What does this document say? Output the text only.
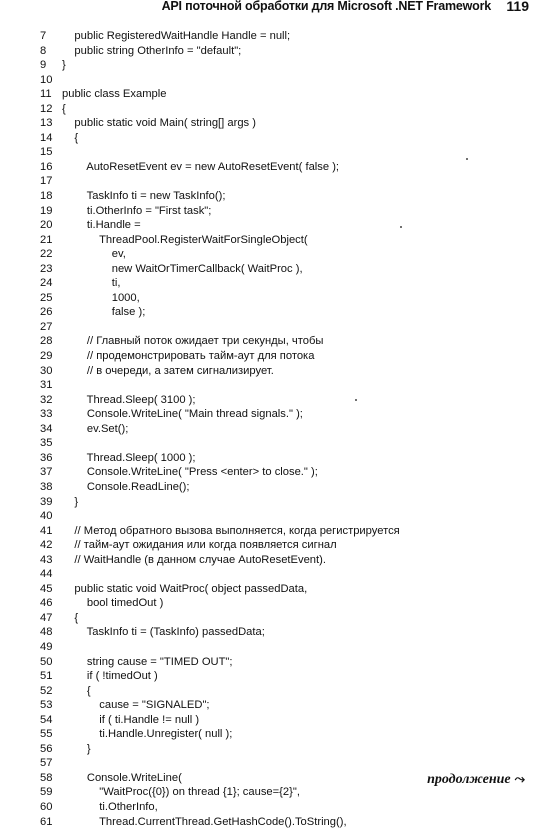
API поточной обработки для Microsoft .NET Framework 119
7	public RegisteredWaitHandle Handle = null;
8	public string OtherInfo = "default";
9	}
10
11 public class Example
12 {
13 public static void Main( string[] args )
14 {
15
16 AutoResetEvent ev = new AutoResetEvent( false );
17
18 TaskInfo ti = new TaskInfo();
19 ti.OtherInfo = "First task";
20 ti.Handle =
21 ThreadPool.RegisterWaitForSingleObject(
22 ev,
23 new WaitOrTimerCallback( WaitProc ),
24 ti,
25 1000,
26 false );
27
28 // Главный поток ожидает три секунды, чтобы
29 // продемонстрировать тайм-аут для потока
30 // в очереди, а затем сигнализирует.
31
32 Thread.Sleep( 3100 );
33 Console.WriteLine( "Main thread signals." );
34 ev.Set();
35
36 Thread.Sleep( 1000 );
37 Console.WriteLine( "Press <enter> to close." );
38 Console.ReadLine();
39 }
40
41 // Метод обратного вызова выполняется, когда регистрируется
42 // тайм-аут ожидания или когда появляется сигнал
43 // WaitHandle (в данном случае AutoResetEvent).
44
45 public static void WaitProc( object passedData,
46 bool timedOut )
47 {
48 TaskInfo ti = (TaskInfo) passedData;
49
50 string cause = "TIMED OUT";
51 if ( !timedOut )
52 {
53 cause = "SIGNALED";
54 if ( ti.Handle != null )
55 ti.Handle.Unregister( null );
56 }
57
58 Console.WriteLine(
59 "WaitProc({0}) on thread {1}; cause={2}",
60 ti.OtherInfo,
61 Thread.CurrentThread.GetHashCode().ToString(),
продолжение ⤳
